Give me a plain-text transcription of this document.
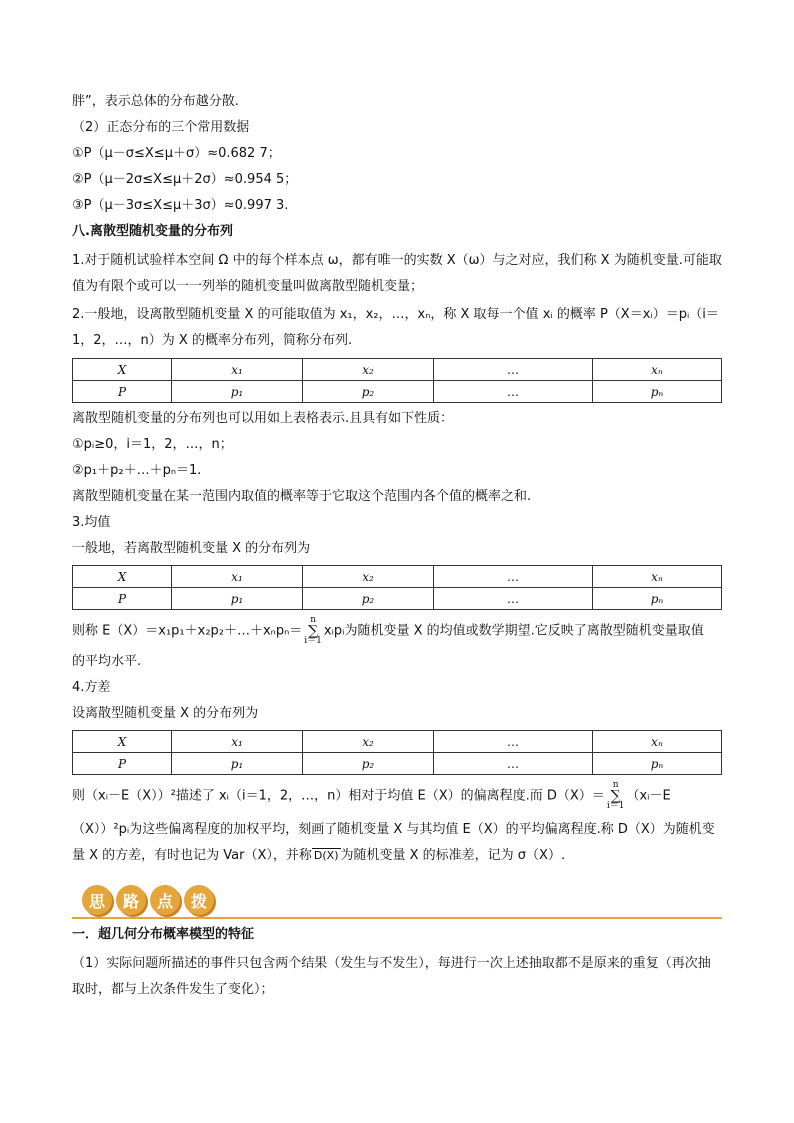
胖”，表示总体的分布越分散.
（2）正态分布的三个常用数据
①P（μ－σ≤X≤μ＋σ）≈0.682 7；
②P（μ－2σ≤X≤μ＋2σ）≈0.954 5；
③P（μ－3σ≤X≤μ＋3σ）≈0.997 3.
八.离散型随机变量的分布列
1.对于随机试验样本空间 Ω 中的每个样本点 ω，都有唯一的实数 X（ω）与之对应，我们称 X 为随机变量.可能取值为有限个或可以一一列举的随机变量叫做离散型随机变量；
2.一般地，设离散型随机变量 X 的可能取值为 x₁，x₂，…，xₙ，称 X 取每一个值 xᵢ 的概率 P（X＝xᵢ）＝pᵢ（i＝1，2，…，n）为 X 的概率分布列，简称分布列.
X	x₁	x₂	…	xₙ
P	p₁	p₂	…	pₙ
离散型随机变量的分布列也可以用如上表格表示.且具有如下性质：
①pᵢ≥0，i＝1，2，…，n；
②p₁＋p₂＋…＋pₙ＝1.
离散型随机变量在某一范围内取值的概率等于它取这个范围内各个值的概率之和.
3.均值
一般地，若离散型随机变量 X 的分布列为
X	x₁	x₂	…	xₙ
P	p₁	p₂	…	pₙ
则称 E（X）＝x₁p₁＋x₂p₂＋…＋xₙpₙ＝n
∑
i＝1xᵢpᵢ为随机变量 X 的均值或数学期望.它反映了离散型随机变量取值
的平均水平.
4.方差
设离散型随机变量 X 的分布列为
X	x₁	x₂	…	xₙ
P	p₁	p₂	…	pₙ
则（xᵢ－E（X））²描述了 xᵢ（i＝1，2，…，n）相对于均值 E（X）的偏离程度.而 D（X）＝n
∑
i＝1（xᵢ－E
（X））²pᵢ为这些偏离程度的加权平均，刻画了随机变量 X 与其均值 E（X）的平均偏离程度.称 D（X）为随机变量 X 的方差，有时也记为 Var（X），并称 D(X) 为随机变量 X 的标准差，记为 σ（X）.
思	路	点	拨
一．超几何分布概率模型的特征
（1）实际问题所描述的事件只包含两个结果（发生与不发生），每进行一次上述抽取都不是原来的重复（再次抽取时，都与上次条件发生了变化）；
